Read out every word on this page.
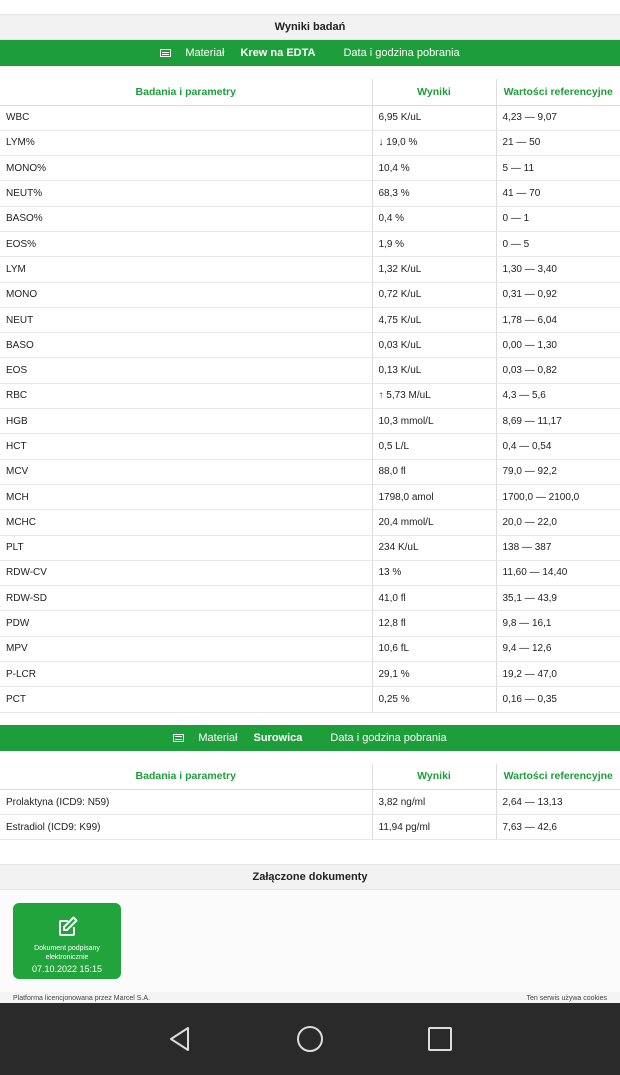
Wyniki badań
Materiał Krew na EDTA	Data i godzina pobrania
Badania i parametry	Wyniki	Wartości referencyjne
WBC	6,95 K/uL	4,23 — 9,07
LYM%	↓ 19,0 %	21 — 50
MONO%	10,4 %	5 — 11
NEUT%	68,3 %	41 — 70
BASO%	0,4 %	0 — 1
EOS%	1,9 %	0 — 5
LYM	1,32 K/uL	1,30 — 3,40
MONO	0,72 K/uL	0,31 — 0,92
NEUT	4,75 K/uL	1,78 — 6,04
BASO	0,03 K/uL	0,00 — 1,30
EOS	0,13 K/uL	0,03 — 0,82
RBC	↑ 5,73 M/uL	4,3 — 5,6
HGB	10,3 mmol/L	8,69 — 11,17
HCT	0,5 L/L	0,4 — 0,54
MCV	88,0 fl	79,0 — 92,2
MCH	1798,0 amol	1700,0 — 2100,0
MCHC	20,4 mmol/L	20,0 — 22,0
PLT	234 K/uL	138 — 387
RDW-CV	13 %	11,60 — 14,40
RDW-SD	41,0 fl	35,1 — 43,9
PDW	12,8 fl	9,8 — 16,1
MPV	10,6 fL	9,4 — 12,6
P-LCR	29,1 %	19,2 — 47,0
PCT	0,25 %	0,16 — 0,35
Materiał Surowica	Data i godzina pobrania
Badania i parametry	Wyniki	Wartości referencyjne
Prolaktyna (ICD9: N59)	3,82 ng/ml	2,64 — 13,13
Estradiol (ICD9: K99)	11,94 pg/ml	7,63 — 42,6
Załączone dokumenty
Dokument podpisany elektronicznie
07.10.2022 15:15
Platforma licencjonowana przez Marcel S.A.	Ten serwis używa cookies
